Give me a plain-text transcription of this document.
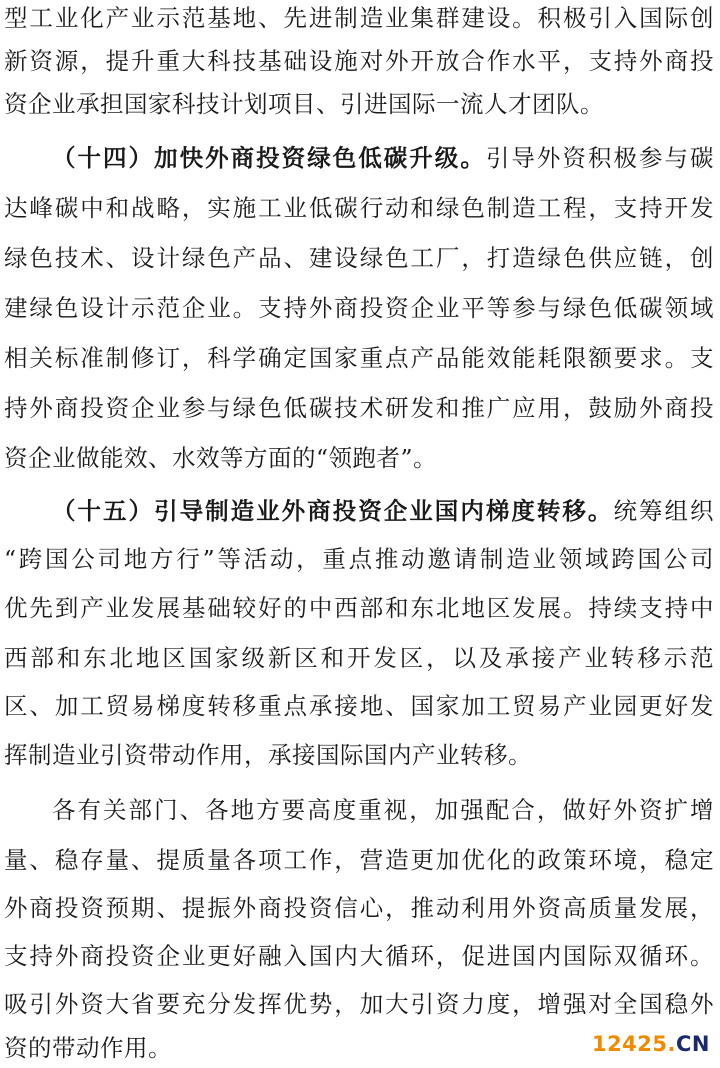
型工业化产业示范基地、先进制造业集群建设。积极引入国际创
新资源，提升重大科技基础设施对外开放合作水平，支持外商投
资企业承担国家科技计划项目、引进国际一流人才团队。
（十四）加快外商投资绿色低碳升级。引导外资积极参与碳
达峰碳中和战略，实施工业低碳行动和绿色制造工程，支持开发
绿色技术、设计绿色产品、建设绿色工厂，打造绿色供应链，创
建绿色设计示范企业。支持外商投资企业平等参与绿色低碳领域
相关标准制修订，科学确定国家重点产品能效能耗限额要求。支
持外商投资企业参与绿色低碳技术研发和推广应用，鼓励外商投
资企业做能效、水效等方面的“领跑者”。
（十五）引导制造业外商投资企业国内梯度转移。统筹组织
“跨国公司地方行”等活动，重点推动邀请制造业领域跨国公司
优先到产业发展基础较好的中西部和东北地区发展。持续支持中
西部和东北地区国家级新区和开发区，以及承接产业转移示范
区、加工贸易梯度转移重点承接地、国家加工贸易产业园更好发
挥制造业引资带动作用，承接国际国内产业转移。
各有关部门、各地方要高度重视，加强配合，做好外资扩增
量、稳存量、提质量各项工作，营造更加优化的政策环境，稳定
外商投资预期、提振外商投资信心，推动利用外资高质量发展，
支持外商投资企业更好融入国内大循环，促进国内国际双循环。
吸引外资大省要充分发挥优势，加大引资力度，增强对全国稳外
资的带动作用。	12425.CN
